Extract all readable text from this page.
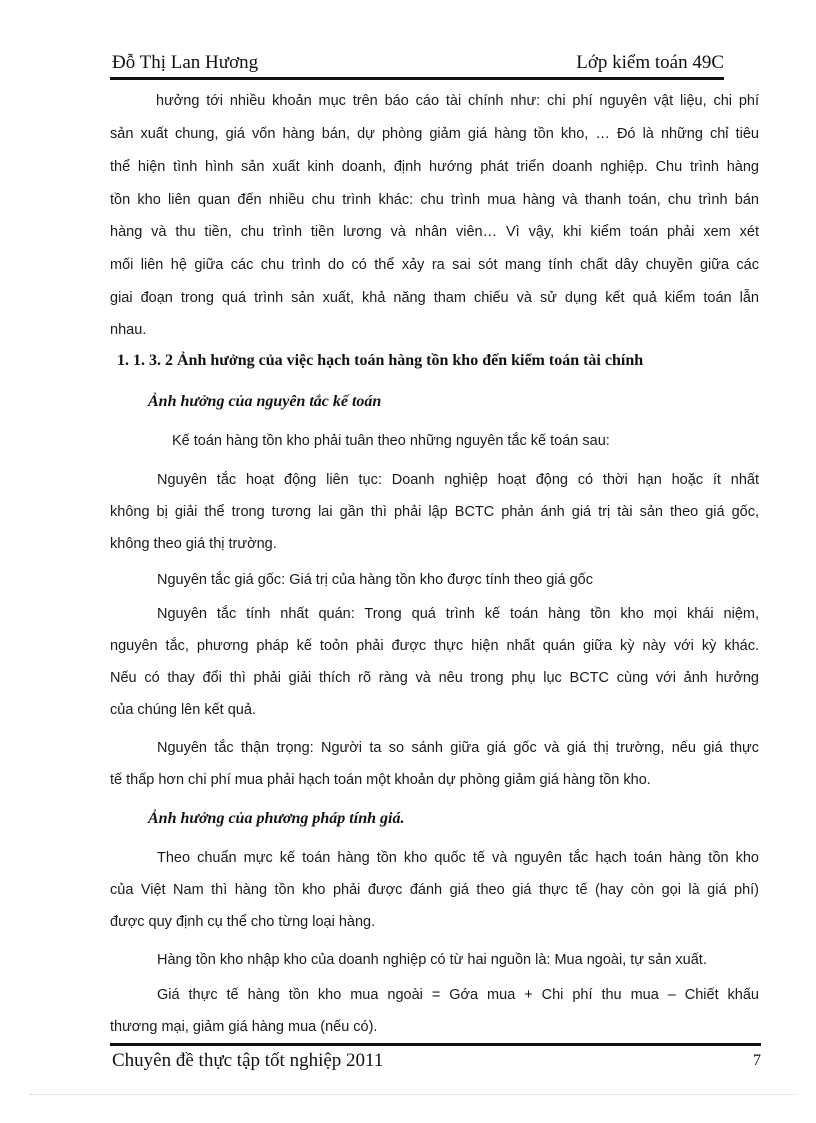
Đỗ Thị Lan Hương	Lớp kiểm toán 49C
hưởng tới nhiều khoản mục trên báo cáo tài chính như: chi phí nguyên vật liệu, chi phí
sản xuất chung, giá vốn hàng bán, dự phòng giảm giá hàng tồn kho, … Đó là những chỉ tiêu
thể hiện tình hình sản xuất kinh doanh, định hướng phát triển doanh nghiệp. Chu trình hàng
tồn kho liên quan đến nhiều chu trình khác: chu trình mua hàng và thanh toán, chu trình bán
hàng và thu tiền, chu trình tiền lương và nhân viên… Vì vậy, khi kiểm toán phải xem xét
mối liên hệ giữa các chu trình do có thể xảy ra sai sót mang tính chất dây chuyền giữa các
giai đoạn trong quá trình sản xuất, khả năng tham chiếu và sử dụng kết quả kiểm toán lẫn
nhau.
1. 1. 3. 2 Ảnh hưởng của việc hạch toán hàng tồn kho đến kiểm toán tài chính
Ảnh hưởng của nguyên tắc kế toán
Kế toán hàng tồn kho phải tuân theo những nguyên tắc kế toán sau:
Nguyên tắc hoạt động liên tục: Doanh nghiệp hoạt động có thời hạn hoặc ít nhất
không bị giải thể trong tương lai gần thì phải lập BCTC phản ánh giá trị tài sản theo giá gốc,
không theo giá thị trường.
Nguyên tắc giá gốc: Giá trị của hàng tồn kho được tính theo giá gốc
Nguyên tắc tính nhất quán: Trong quá trình kế toán hàng tồn kho mọi khái niệm,
nguyên tắc, phương pháp kế toỏn phải được thực hiện nhất quán giữa kỳ này với kỳ khác.
Nếu có thay đổi thì phải giải thích rõ ràng và nêu trong phụ lục BCTC cùng với ảnh hưởng
của chúng lên kết quả.
Nguyên tắc thận trọng: Người ta so sánh giữa giá gốc và giá thị trường, nếu giá thực
tế thấp hơn chi phí mua phải hạch toán một khoản dự phòng giảm giá hàng tồn kho.
Ảnh hưởng của phương pháp tính giá.
Theo chuẩn mực kế toán hàng tồn kho quốc tế và nguyên tắc hạch toán hàng tồn kho
của Việt Nam thì hàng tồn kho phải được đánh giá theo giá thực tế (hay còn gọi là giá phí)
được quy định cụ thể cho từng loại hàng.
Hàng tồn kho nhập kho của doanh nghiệp có từ hai nguồn là: Mua ngoài, tự sản xuất.
Giá thực tế hàng tồn kho mua ngoài = Gớa mua + Chi phí thu mua – Chiết khấu
thương mại, giảm giá hàng mua (nếu có).
Chuyên đề thực tập tốt nghiệp 2011	7
